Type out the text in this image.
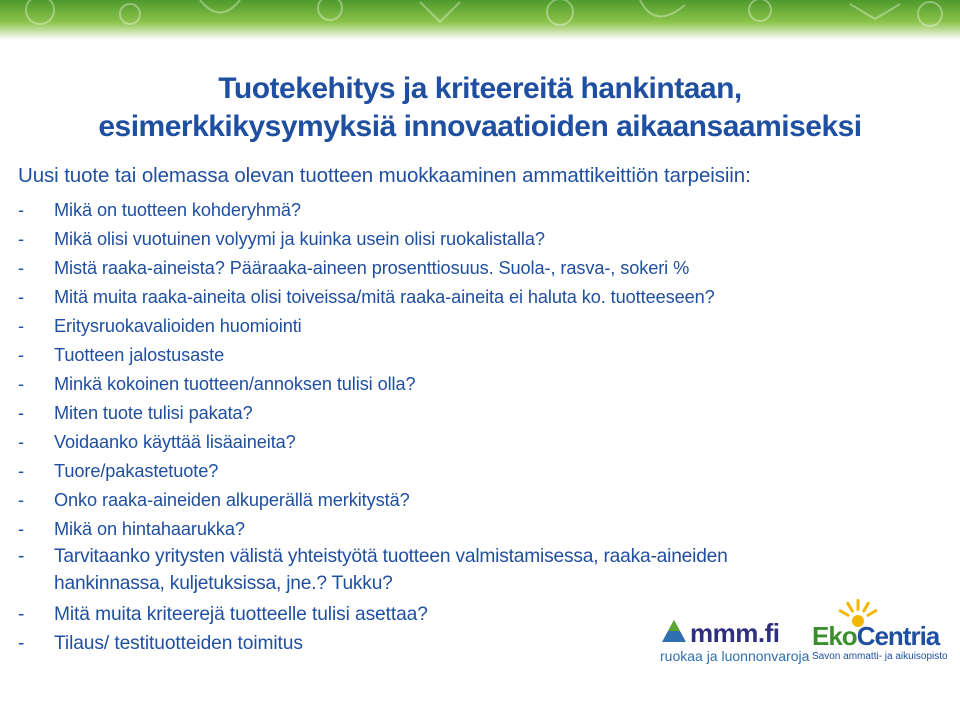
Tuotekehitys ja kriteereitä hankintaan,
esimerkkikysymyksiä innovaatioiden aikaansaamiseksi
Uusi tuote tai olemassa olevan tuotteen muokkaaminen ammattikeittiön tarpeisiin:
- Mikä on tuotteen kohderyhmä?
- Mikä olisi vuotuinen volyymi ja kuinka usein olisi ruokalistalla?
- Mistä raaka-aineista? Pääraaka-aineen prosenttiosuus. Suola-, rasva-, sokeri %
- Mitä muita raaka-aineita olisi toiveissa/mitä raaka-aineita ei haluta ko. tuotteeseen?
- Eritysruokavalioiden huomiointi
- Tuotteen jalostusaste
- Minkä kokoinen tuotteen/annoksen tulisi olla?
- Miten tuote tulisi pakata?
- Voidaanko käyttää lisäaineita?
- Tuore/pakastetuote?
- Onko raaka-aineiden alkuperällä merkitystä?
- Mikä on hintahaarukka?
- Tarvitaanko yritysten välistä yhteistyötä tuotteen valmistamisessa, raaka-aineiden
hankinnassa, kuljetuksissa, jne.? Tukku?
- Mitä muita kriteerejä tuotteelle tulisi asettaa?
- Tilaus/ testituotteiden toimitus	mmm.fi
ruokaa ja luonnonvaroja
EkoCentria
Savon ammatti- ja aikuisopisto
